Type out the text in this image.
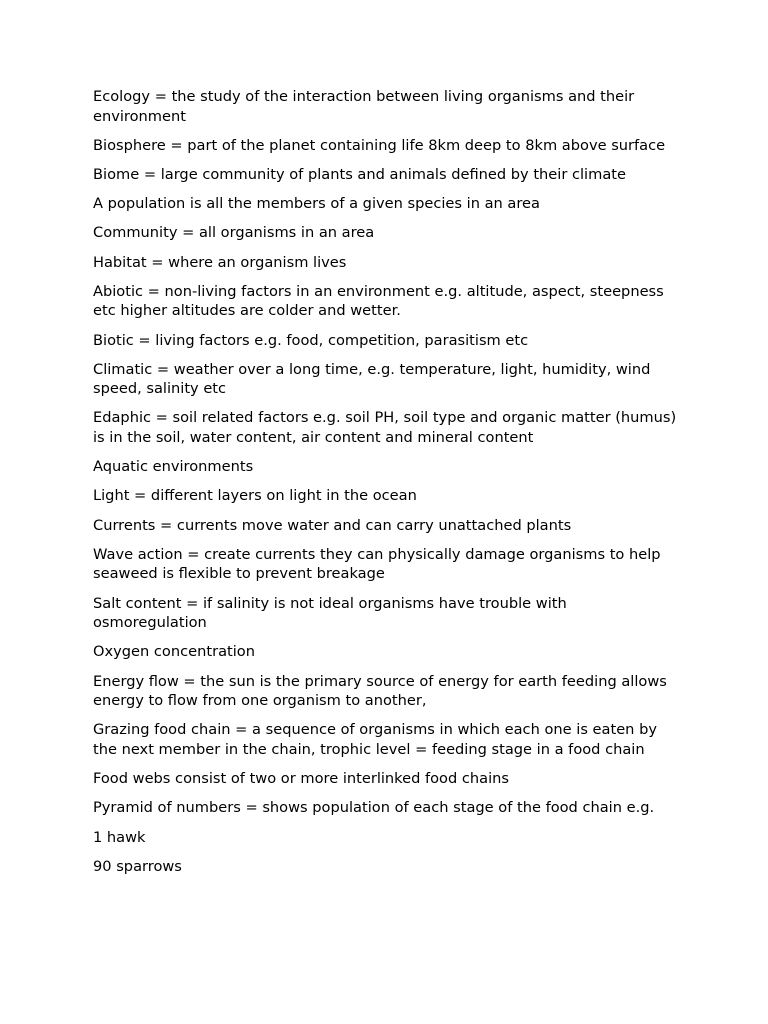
Ecology = the study of the interaction between living organisms and their environment

Biosphere = part of the planet containing life 8km deep to 8km above surface

Biome = large community of plants and animals defined by their climate

A population is all the members of a given species in an area

Community = all organisms in an area

Habitat = where an organism lives

Abiotic = non-living factors in an environment e.g. altitude, aspect, steepness etc higher altitudes are colder and wetter.

Biotic = living factors e.g. food, competition, parasitism etc

Climatic = weather over a long time, e.g. temperature, light, humidity, wind speed, salinity etc

Edaphic = soil related factors e.g. soil PH, soil type and organic matter (humus) is in the soil, water content, air content and mineral content

Aquatic environments

Light = different layers on light in the ocean

Currents = currents move water and can carry unattached plants

Wave action = create currents they can physically damage organisms to help seaweed is flexible to prevent breakage

Salt content = if salinity is not ideal organisms have trouble with osmoregulation

Oxygen concentration

Energy flow = the sun is the primary source of energy for earth feeding allows energy to flow from one organism to another,

Grazing food chain = a sequence of organisms in which each one is eaten by the next member in the chain, trophic level = feeding stage in a food chain

Food webs consist of two or more interlinked food chains

Pyramid of numbers = shows population of each stage of the food chain e.g.

1 hawk

90 sparrows
